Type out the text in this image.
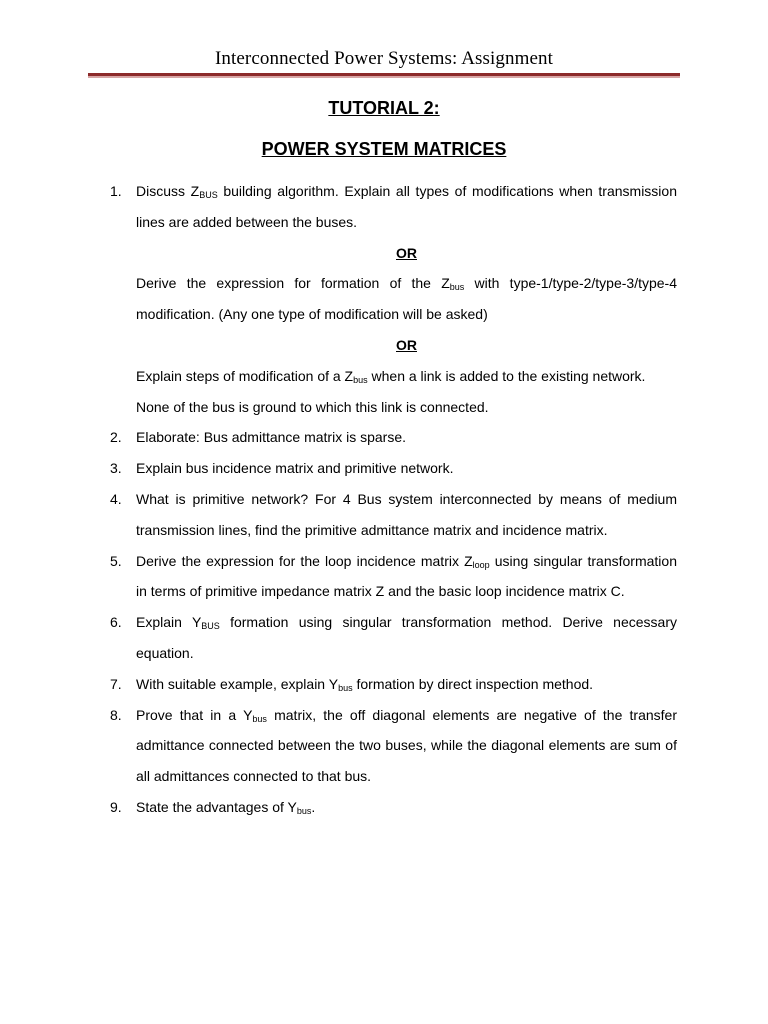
Interconnected Power Systems: Assignment
TUTORIAL 2:
POWER SYSTEM MATRICES
1. Discuss $Z_{BUS}$ building algorithm. Explain all types of modifications when transmission lines are added between the buses.

OR

Derive the expression for formation of the $Z_{bus}$ with type-1/type-2/type-3/type-4 modification. (Any one type of modification will be asked)

OR

Explain steps of modification of a $Z_{bus}$ when a link is added to the existing network. None of the bus is ground to which this link is connected.

2. Elaborate: Bus admittance matrix is sparse.

3. Explain bus incidence matrix and primitive network.

4. What is primitive network? For 4 Bus system interconnected by means of medium transmission lines, find the primitive admittance matrix and incidence matrix.

5. Derive the expression for the loop incidence matrix $Z_{loop}$ using singular transformation in terms of primitive impedance matrix Z and the basic loop incidence matrix C.

6. Explain $Y_{BUS}$ formation using singular transformation method. Derive necessary equation.

7. With suitable example, explain $Y_{bus}$ formation by direct inspection method.

8. Prove that in a $Y_{bus}$ matrix, the off diagonal elements are negative of the transfer admittance connected between the two buses, while the diagonal elements are sum of all admittances connected to that bus.

9. State the advantages of $Y_{bus}$.
